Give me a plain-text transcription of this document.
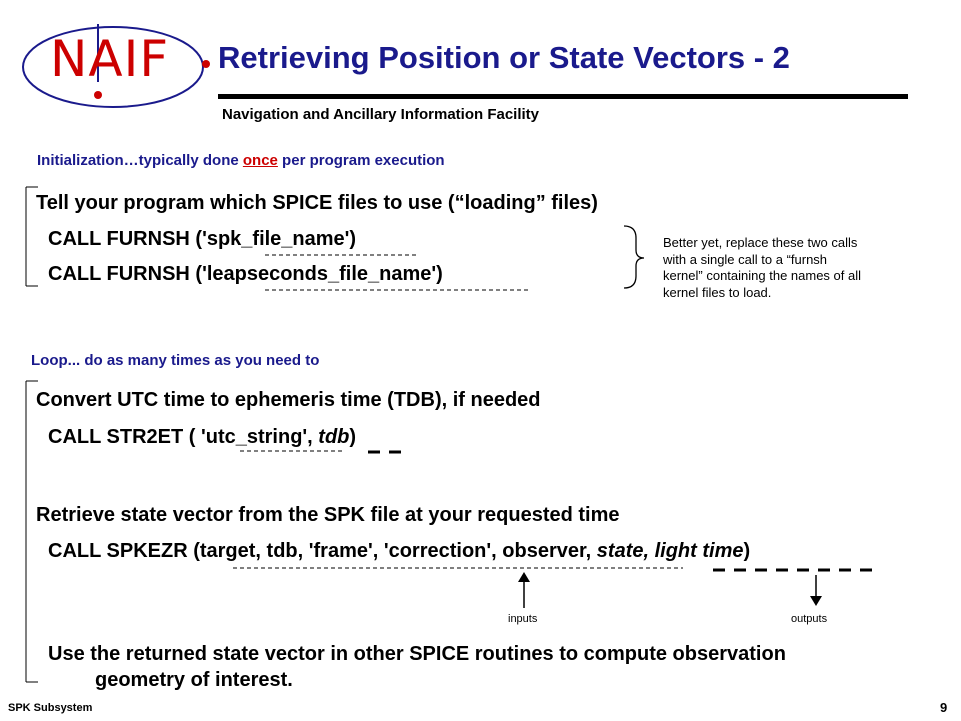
NAIF Retrieving Position or State Vectors - 2
Navigation and Ancillary Information Facility
Initialization…typically done once per program execution
Tell your program which SPICE files to use (“loading” files)
CALL FURNSH ('spk_file_name')
CALL FURNSH ('leapseconds_file_name')
Better yet, replace these two calls with a single call to a “furnsh kernel” containing the names of all kernel files to load.
Loop... do as many times as you need to
Convert UTC time to ephemeris time (TDB), if needed
CALL STR2ET ( 'utc_string', tdb)
Retrieve state vector from the SPK file at your requested time
CALL SPKEZR (target, tdb, 'frame', 'correction', observer, state, light time)
inputs	outputs
Use the returned state vector in other SPICE routines to compute observation
geometry of interest.
SPK Subsystem	9
